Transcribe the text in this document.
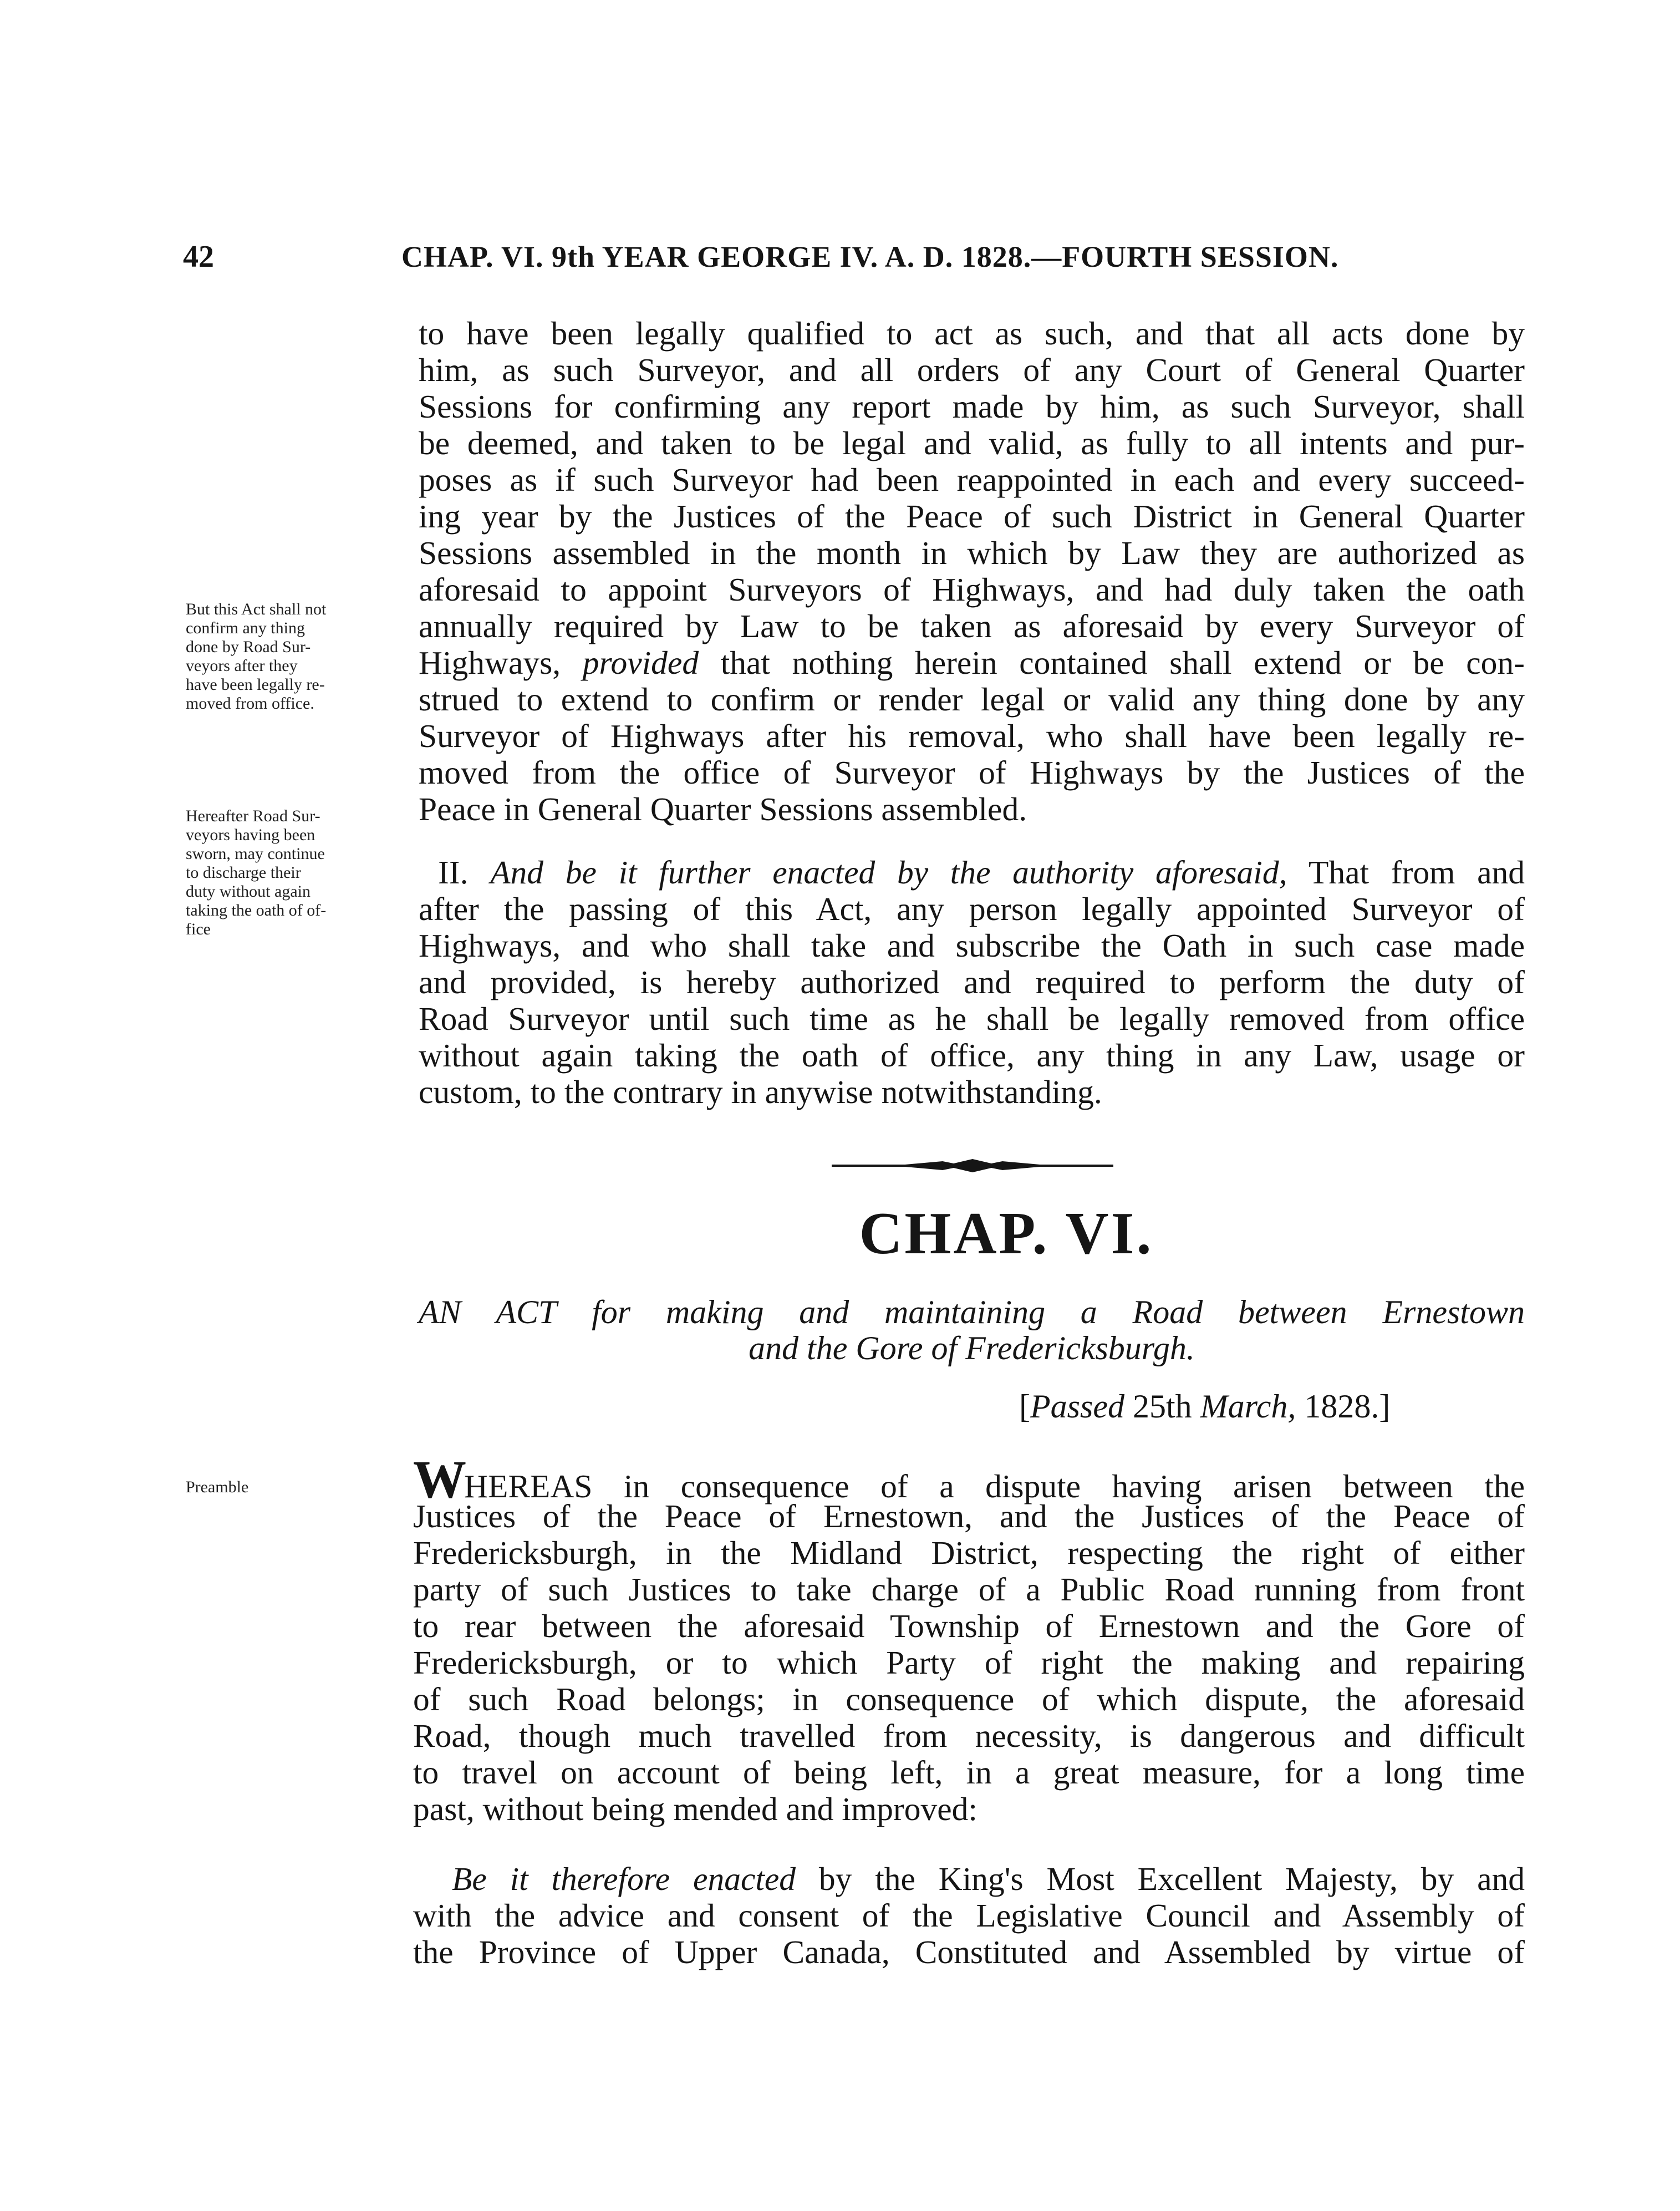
42	CHAP. VI. 9th YEAR GEORGE IV. A. D. 1828.—FOURTH SESSION.
to have been legally qualified to act as such, and that all acts done by
him, as such Surveyor, and all orders of any Court of General Quarter
Sessions for confirming any report made by him, as such Surveyor, shall
be deemed, and taken to be legal and valid, as fully to all intents and pur-
poses as if such Surveyor had been reappointed in each and every succeed-
ing year by the Justices of the Peace of such District in General Quarter
Sessions assembled in the month in which by Law they are authorized as
aforesaid to appoint Surveyors of Highways, and had duly taken the oath
annually required by Law to be taken as aforesaid by every Surveyor of
Highways, provided that nothing herein contained shall extend or be con-
strued to extend to confirm or render legal or valid any thing done by any
Surveyor of Highways after his removal, who shall have been legally re-
moved from the office of Surveyor of Highways by the Justices of the
Peace in General Quarter Sessions assembled.
But this Act shall not
confirm any thing
done by Road Sur-
veyors after they
have been legally re-
moved from office.
Hereafter Road Sur-
veyors having been
sworn, may continue
to discharge their
duty without again
taking the oath of of-
fice
II. And be it further enacted by the authority aforesaid, That from and
after the passing of this Act, any person legally appointed Surveyor of
Highways, and who shall take and subscribe the Oath in such case made
and provided, is hereby authorized and required to perform the duty of
Road Surveyor until such time as he shall be legally removed from office
without again taking the oath of office, any thing in any Law, usage or
custom, to the contrary in anywise notwithstanding.
CHAP. VI.
AN ACT for making and maintaining a Road between Ernestown
and the Gore of Fredericksburgh.
[Passed 25th March, 1828.]
Preamble	WHEREAS in consequence of a dispute having arisen between the
Justices of the Peace of Ernestown, and the Justices of the Peace of
Fredericksburgh, in the Midland District, respecting the right of either
party of such Justices to take charge of a Public Road running from front
to rear between the aforesaid Township of Ernestown and the Gore of
Fredericksburgh, or to which Party of right the making and repairing
of such Road belongs; in consequence of which dispute, the aforesaid
Road, though much travelled from necessity, is dangerous and difficult
to travel on account of being left, in a great measure, for a long time
past, without being mended and improved:
Be it therefore enacted by the King's Most Excellent Majesty, by and
with the advice and consent of the Legislative Council and Assembly of
the Province of Upper Canada, Constituted and Assembled by virtue of
